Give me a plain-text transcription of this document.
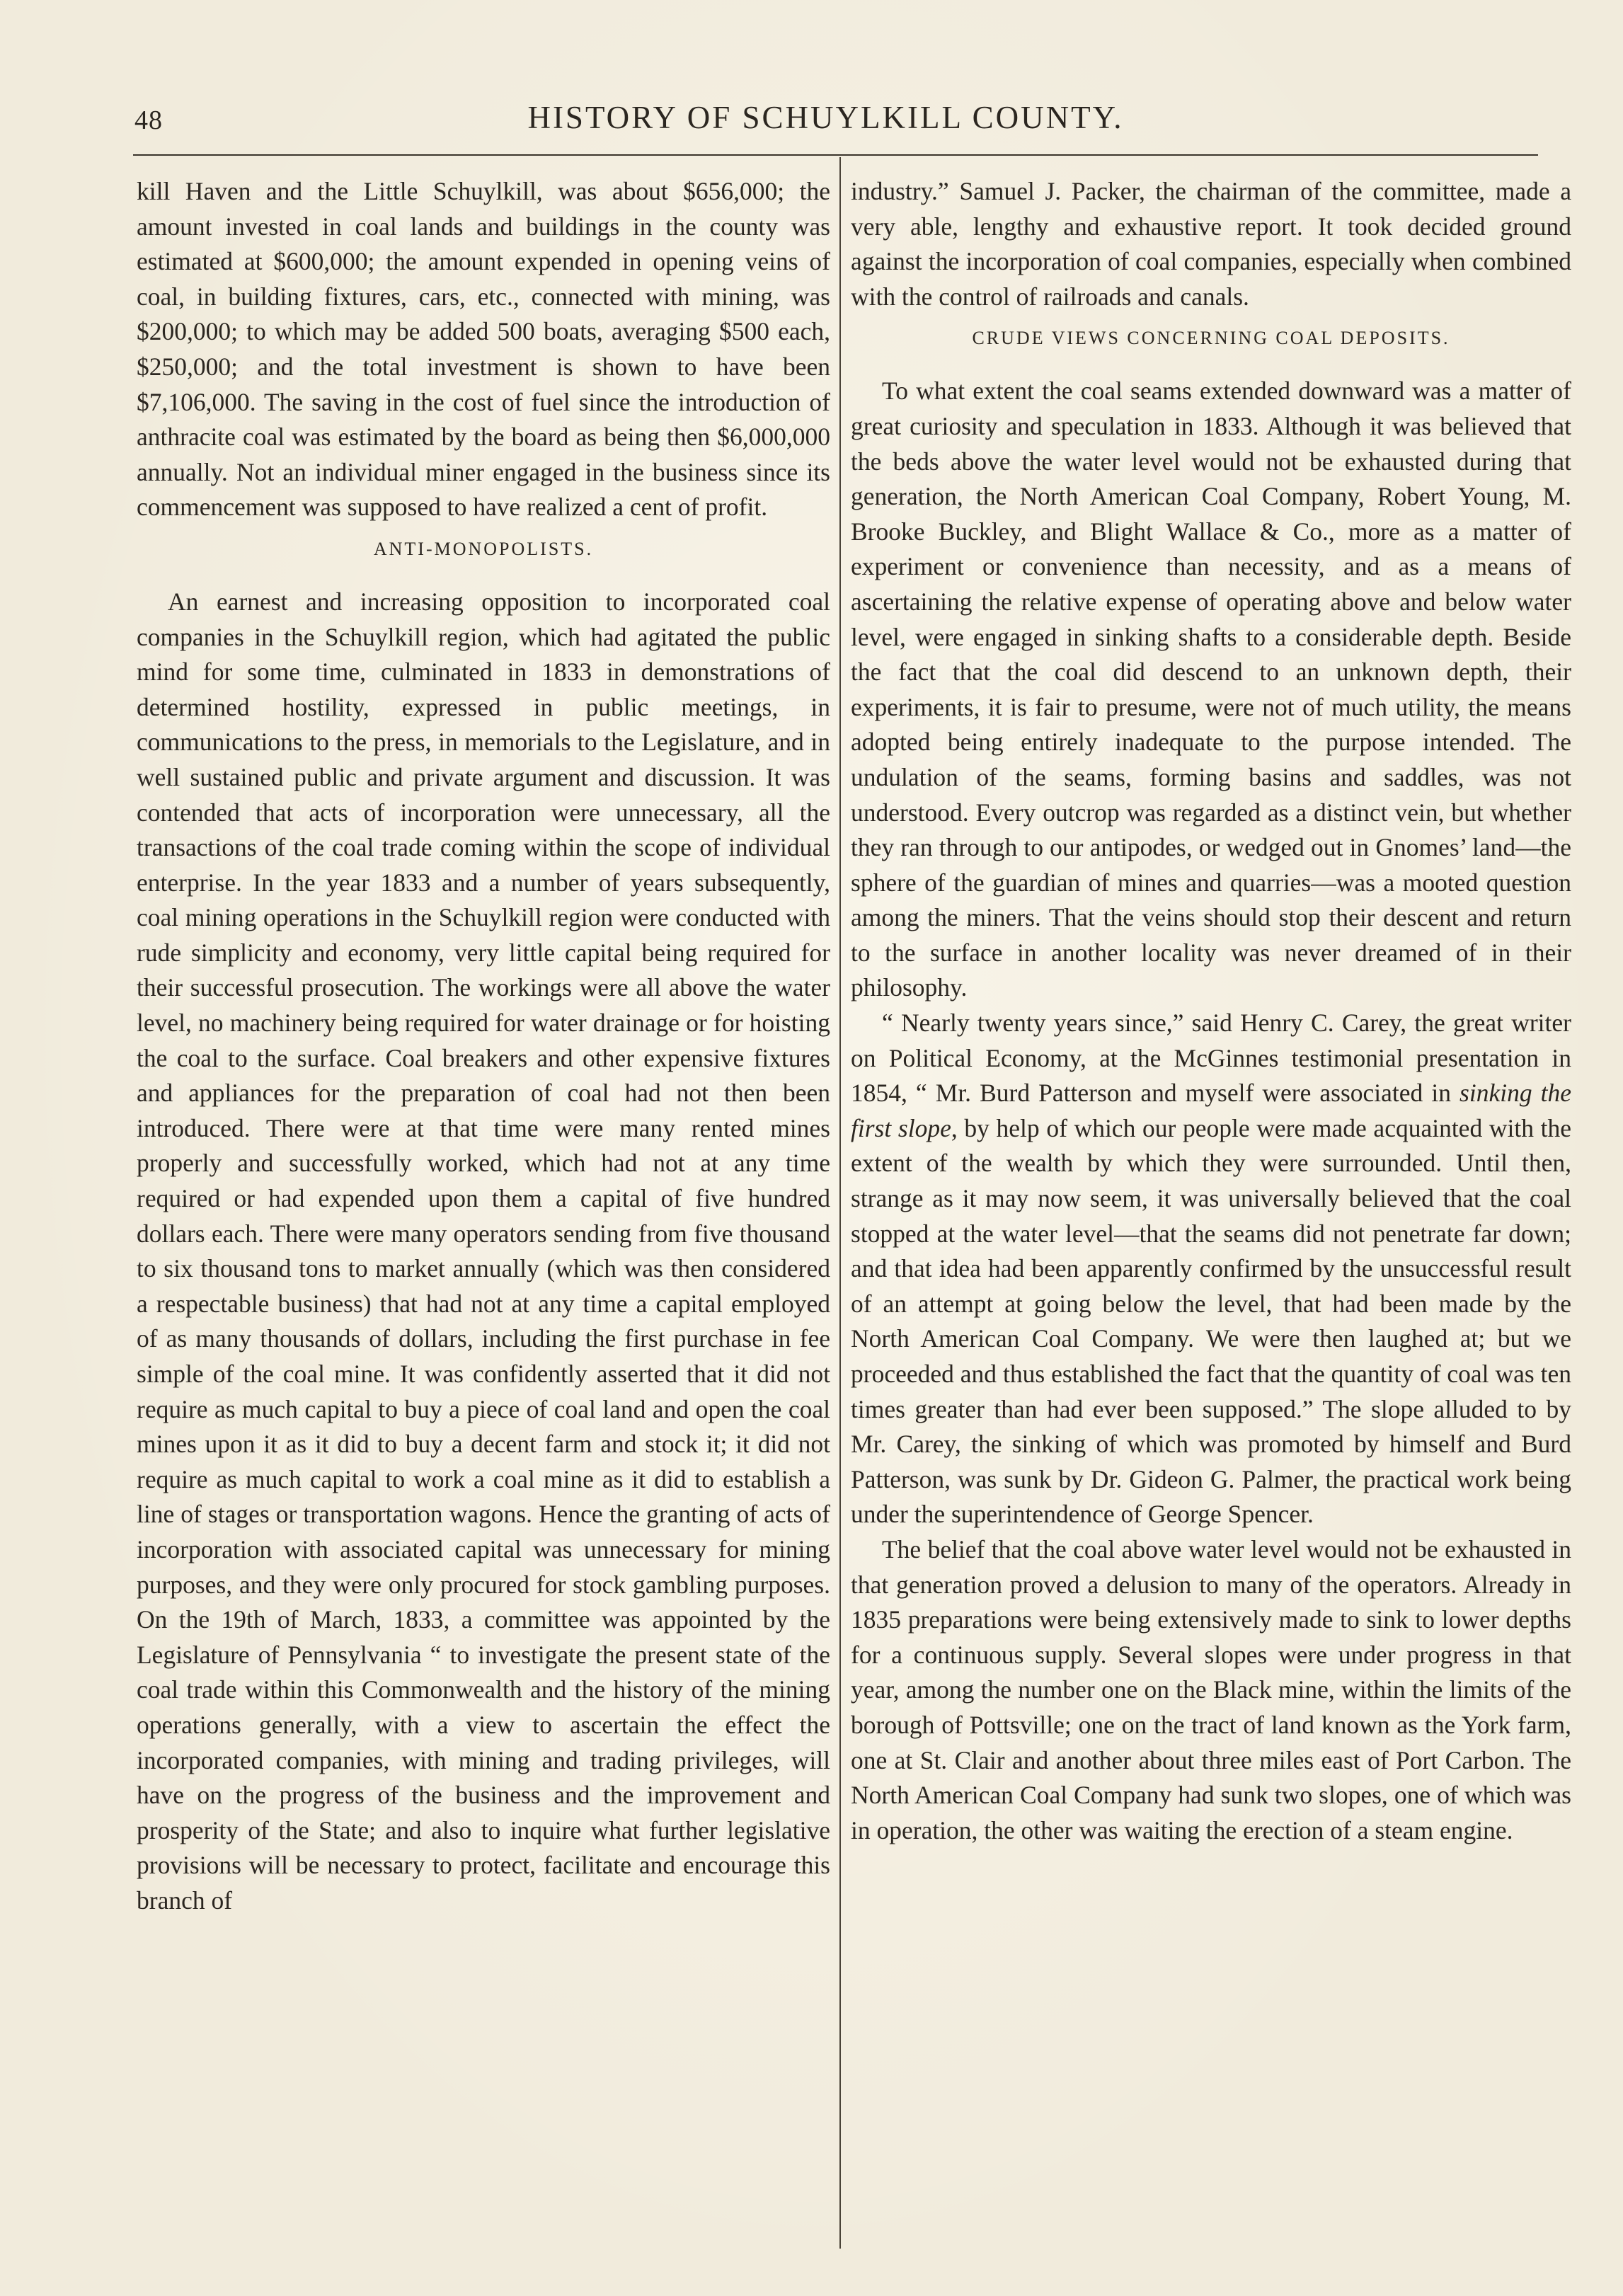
48	HISTORY OF SCHUYLKILL COUNTY.

kill Haven and the Little Schuylkill, was about $656,000; the amount invested in coal lands and buildings in the county was estimated at $600,000; the amount expended in opening veins of coal, in building fixtures, cars, etc., connected with mining, was $200,000; to which may be added 500 boats, averaging $500 each, $250,000; and the total investment is shown to have been $7,106,000. The saving in the cost of fuel since the introduction of anthracite coal was estimated by the board as being then $6,000,000 annually. Not an individual miner engaged in the business since its commencement was supposed to have realized a cent of profit.

ANTI-MONOPOLISTS.

An earnest and increasing opposition to incorporated coal companies in the Schuylkill region, which had agitated the public mind for some time, culminated in 1833 in demonstrations of determined hostility, expressed in public meetings, in communications to the press, in memorials to the Legislature, and in well sustained public and private argument and discussion. It was contended that acts of incorporation were unnecessary, all the transactions of the coal trade coming within the scope of individual enterprise. In the year 1833 and a number of years subsequently, coal mining operations in the Schuylkill region were conducted with rude simplicity and economy, very little capital being required for their successful prosecution. The workings were all above the water level, no machinery being required for water drainage or for hoisting the coal to the surface. Coal breakers and other expensive fixtures and appliances for the preparation of coal had not then been introduced. There were at that time were many rented mines properly and successfully worked, which had not at any time required or had expended upon them a capital of five hundred dollars each. There were many operators sending from five thousand to six thousand tons to market annually (which was then considered a respectable business) that had not at any time a capital employed of as many thousands of dollars, including the first purchase in fee simple of the coal mine. It was confidently asserted that it did not require as much capital to buy a piece of coal land and open the coal mines upon it as it did to buy a decent farm and stock it; it did not require as much capital to work a coal mine as it did to establish a line of stages or transportation wagons. Hence the granting of acts of incorporation with associated capital was unnecessary for mining purposes, and they were only procured for stock gambling purposes. On the 19th of March, 1833, a committee was appointed by the Legislature of Pennsylvania “ to investigate the present state of the coal trade within this Commonwealth and the history of the mining operations generally, with a view to ascertain the effect the incorporated companies, with mining and trading privileges, will have on the progress of the business and the improvement and prosperity of the State; and also to inquire what further legislative provisions will be necessary to protect, facilitate and encourage this branch of

industry.” Samuel J. Packer, the chairman of the committee, made a very able, lengthy and exhaustive report. It took decided ground against the incorporation of coal companies, especially when combined with the control of railroads and canals.

CRUDE VIEWS CONCERNING COAL DEPOSITS.

To what extent the coal seams extended downward was a matter of great curiosity and speculation in 1833. Although it was believed that the beds above the water level would not be exhausted during that generation, the North American Coal Company, Robert Young, M. Brooke Buckley, and Blight Wallace & Co., more as a matter of experiment or convenience than necessity, and as a means of ascertaining the relative expense of operating above and below water level, were engaged in sinking shafts to a considerable depth. Beside the fact that the coal did descend to an unknown depth, their experiments, it is fair to presume, were not of much utility, the means adopted being entirely inadequate to the purpose intended. The undulation of the seams, forming basins and saddles, was not understood. Every outcrop was regarded as a distinct vein, but whether they ran through to our antipodes, or wedged out in Gnomes’ land—the sphere of the guardian of mines and quarries—was a mooted question among the miners. That the veins should stop their descent and return to the surface in another locality was never dreamed of in their philosophy.

“ Nearly twenty years since,” said Henry C. Carey, the great writer on Political Economy, at the McGinnes testimonial presentation in 1854, “ Mr. Burd Patterson and myself were associated in sinking the first slope, by help of which our people were made acquainted with the extent of the wealth by which they were surrounded. Until then, strange as it may now seem, it was universally believed that the coal stopped at the water level—that the seams did not penetrate far down; and that idea had been apparently confirmed by the unsuccessful result of an attempt at going below the level, that had been made by the North American Coal Company. We were then laughed at; but we proceeded and thus established the fact that the quantity of coal was ten times greater than had ever been supposed.” The slope alluded to by Mr. Carey, the sinking of which was promoted by himself and Burd Patterson, was sunk by Dr. Gideon G. Palmer, the practical work being under the superintendence of George Spencer.

The belief that the coal above water level would not be exhausted in that generation proved a delusion to many of the operators. Already in 1835 preparations were being extensively made to sink to lower depths for a continuous supply. Several slopes were under progress in that year, among the number one on the Black mine, within the limits of the borough of Pottsville; one on the tract of land known as the York farm, one at St. Clair and another about three miles east of Port Carbon. The North American Coal Company had sunk two slopes, one of which was in operation, the other was waiting the erection of a steam engine.
